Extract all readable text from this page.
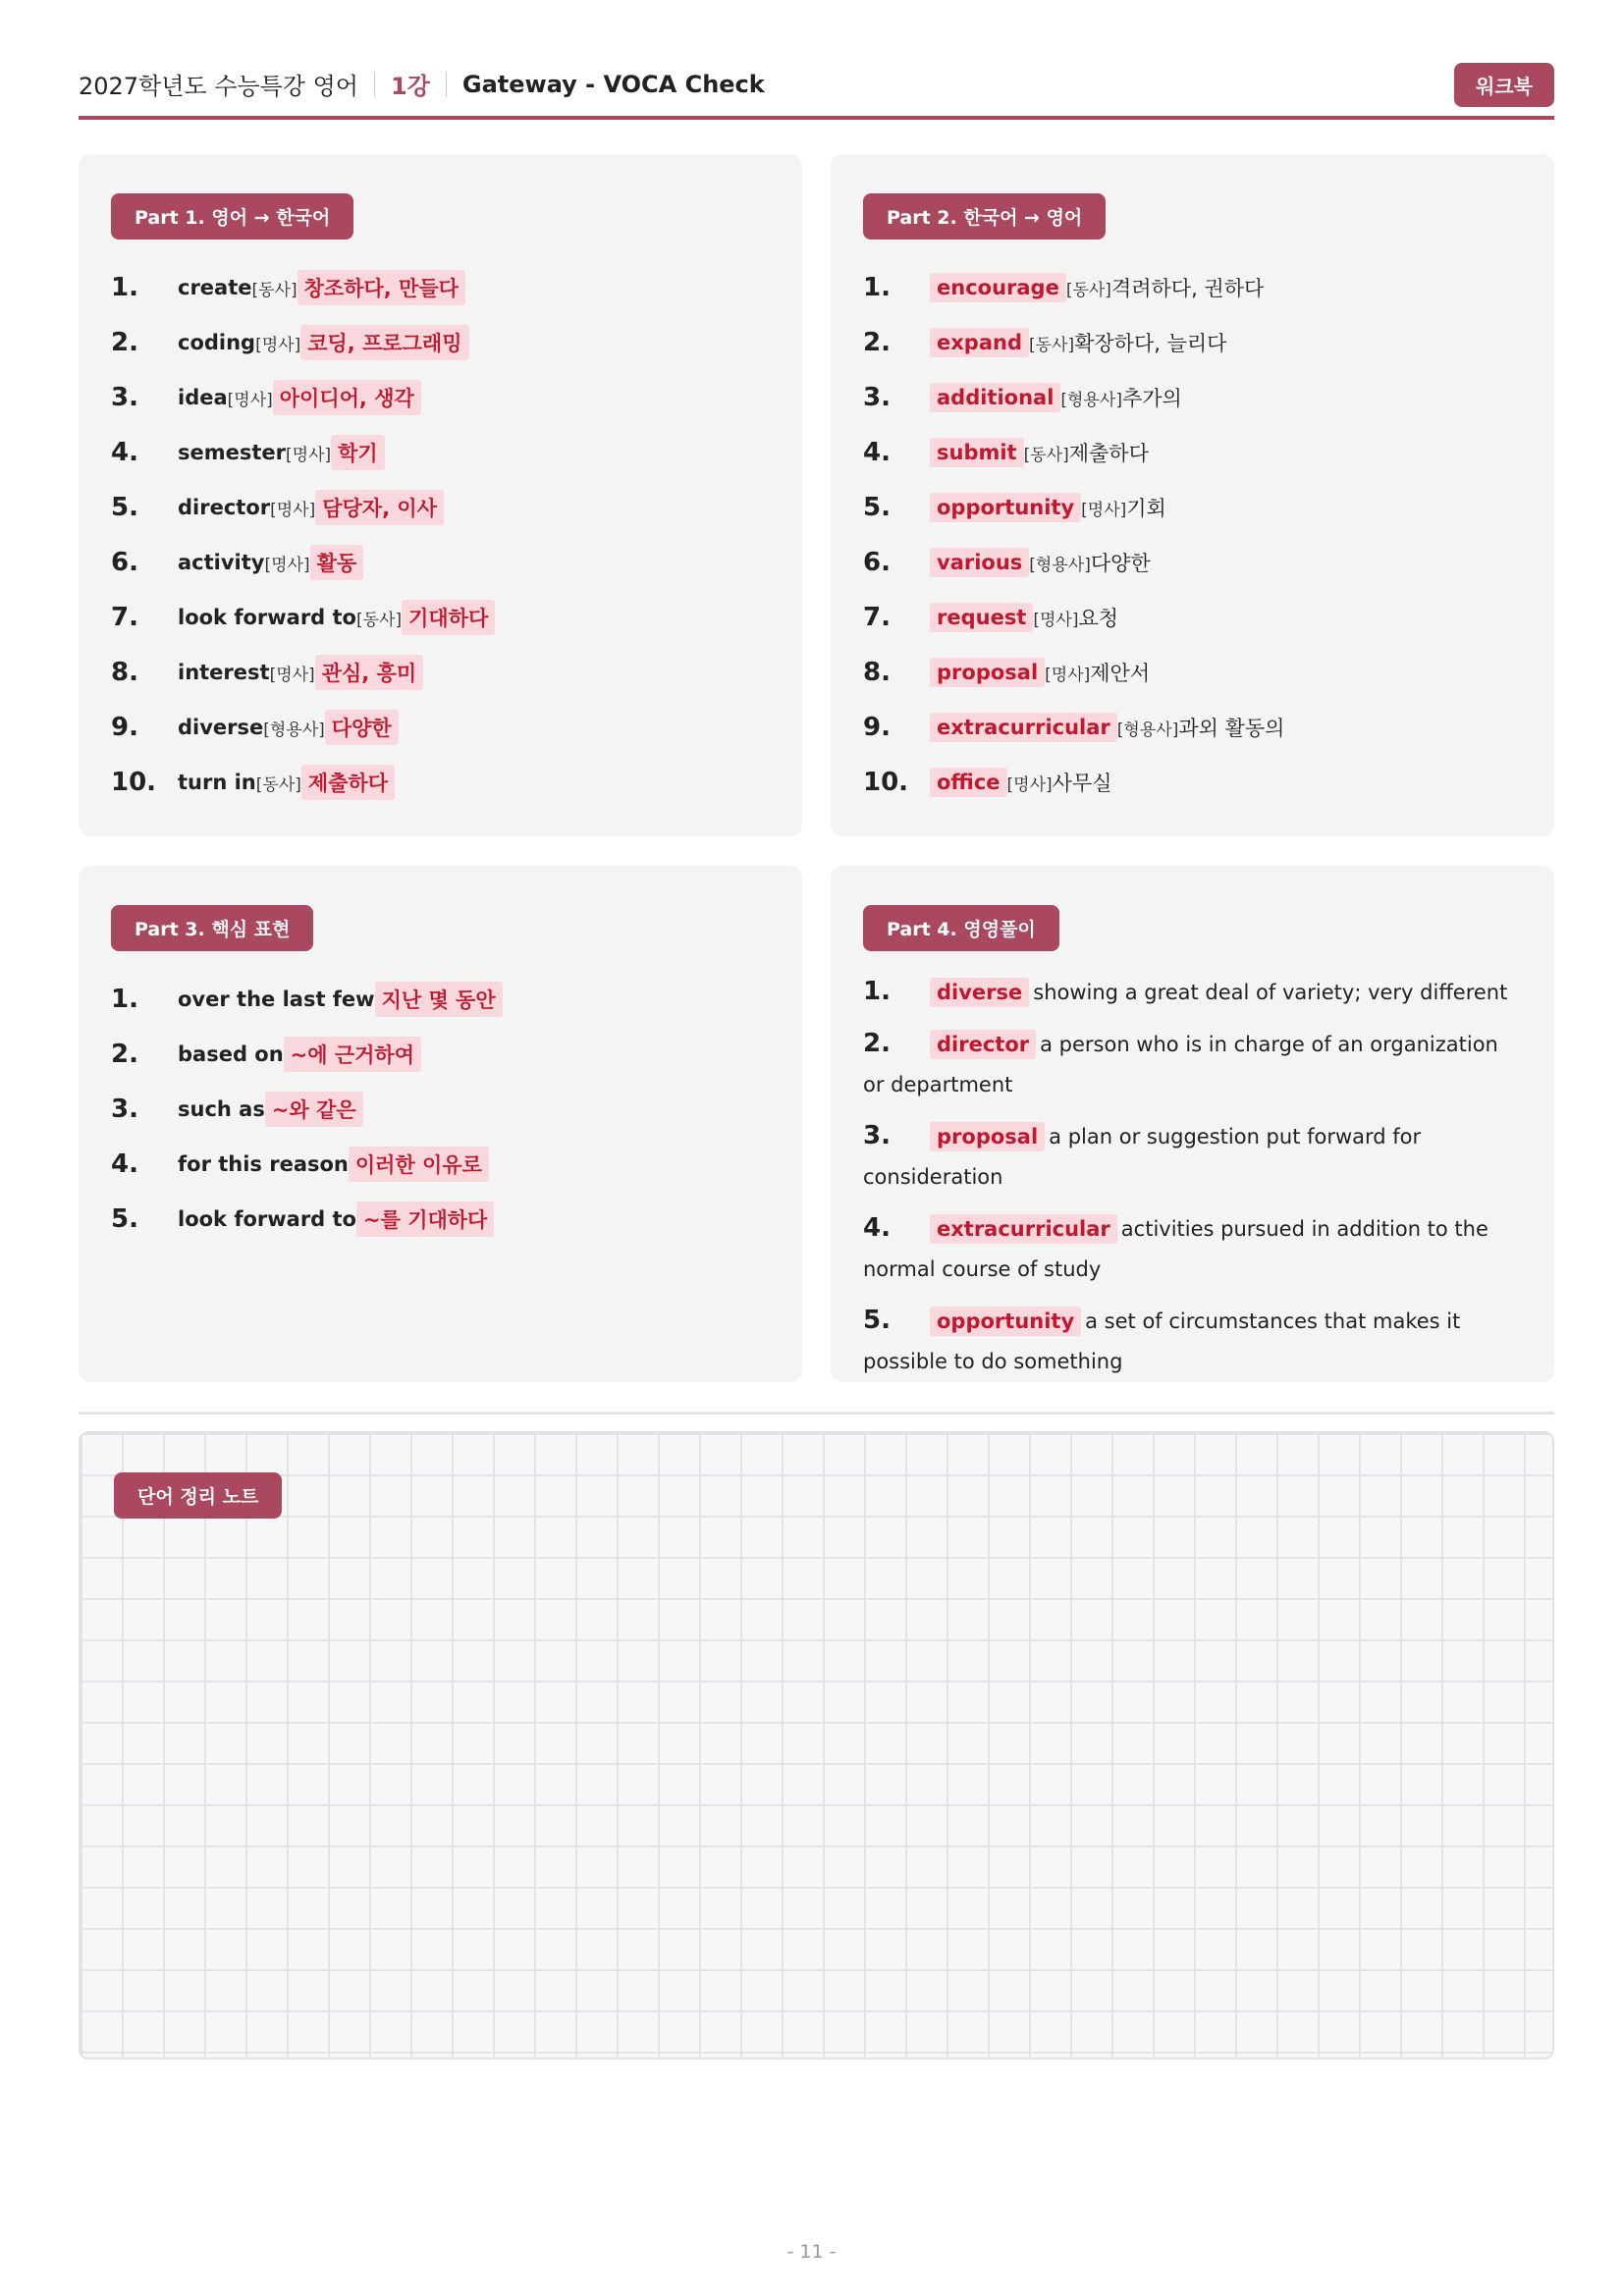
2027학년도 수능특강 영어 1강 Gateway - VOCA Check	워크북
Part 1. 영어 → 한국어
1.	create [동사] 창조하다, 만들다
2.	coding [명사] 코딩, 프로그래밍
3.	idea [명사] 아이디어, 생각
4.	semester [명사] 학기
5.	director [명사] 담당자, 이사
6.	activity [명사] 활동
7.	look forward to [동사] 기대하다
8.	interest [명사] 관심, 흥미
9.	diverse [형용사] 다양한
10.	turn in [동사] 제출하다
Part 2. 한국어 → 영어
1.	encourage [동사] 격려하다, 권하다
2.	expand [동사] 확장하다, 늘리다
3.	additional [형용사] 추가의
4.	submit [동사] 제출하다
5.	opportunity [명사] 기회
6.	various [형용사] 다양한
7.	request [명사] 요청
8.	proposal [명사] 제안서
9.	extracurricular [형용사] 과외 활동의
10.	office [명사] 사무실
Part 3. 핵심 표현
1.	over the last few 지난 몇 동안
2.	based on ~에 근거하여
3.	such as ~와 같은
4.	for this reason 이러한 이유로
5.	look forward to ~를 기대하다
Part 4. 영영풀이
1. diverse showing a great deal of variety; very different
2. director a person who is in charge of an organization or department
3. proposal a plan or suggestion put forward for consideration
4. extracurricular activities pursued in addition to the normal course of study
5. opportunity a set of circumstances that makes it possible to do something
단어 정리 노트
- 11 -
